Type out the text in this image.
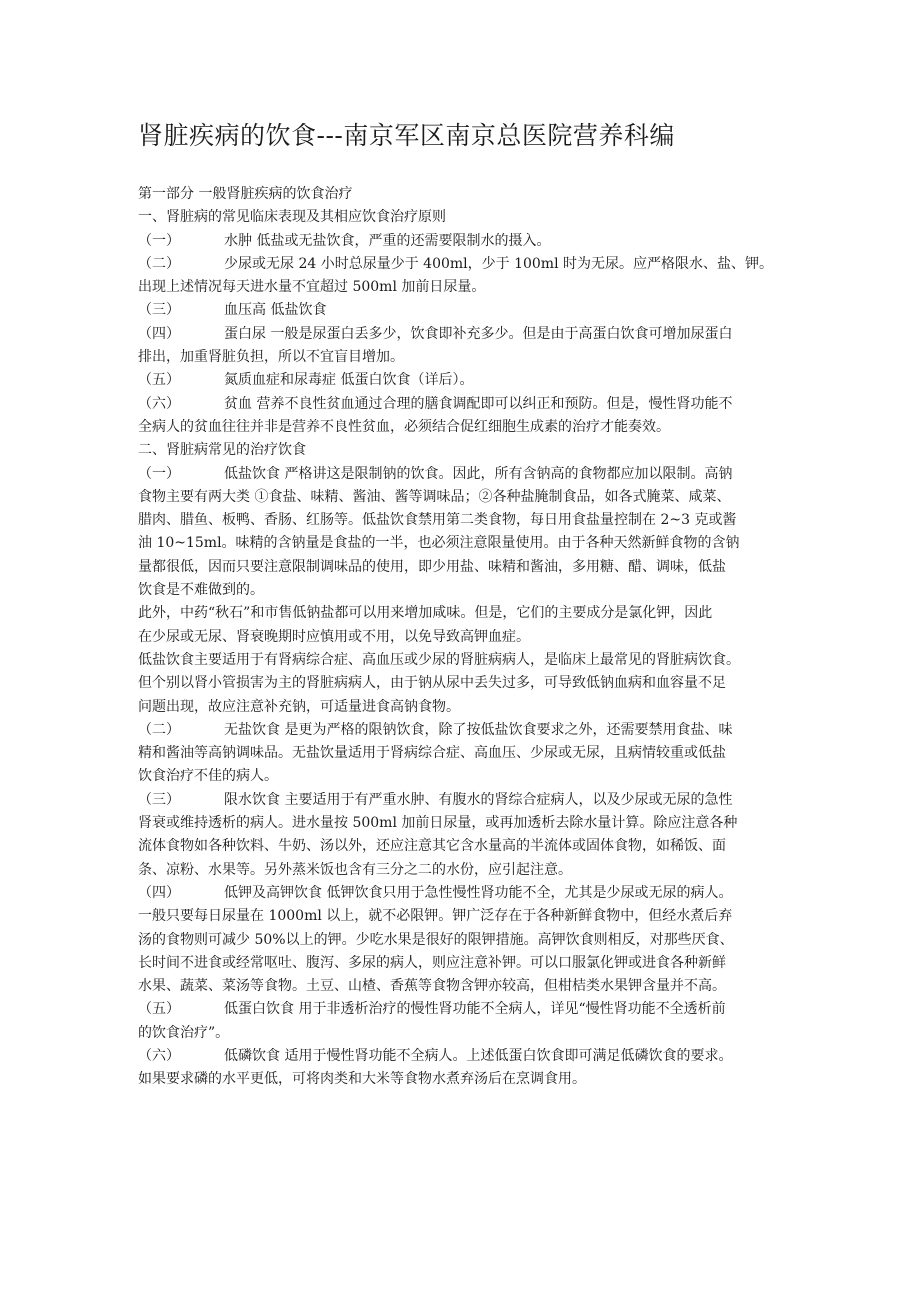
肾脏疾病的饮食---南京军区南京总医院营养科编
第一部分 一般肾脏疾病的饮食治疗
一、肾脏病的常见临床表现及其相应饮食治疗原则
（一）	水肿 低盐或无盐饮食，严重的还需要限制水的摄入。
（二）	少尿或无尿 24 小时总尿量少于 400ml，少于 100ml 时为无尿。应严格限水、盐、钾。
出现上述情况每天进水量不宜超过 500ml 加前日尿量。
（三）	血压高 低盐饮食
（四）	蛋白尿 一般是尿蛋白丢多少，饮食即补充多少。但是由于高蛋白饮食可增加尿蛋白
排出，加重肾脏负担，所以不宜盲目增加。
（五）	氮质血症和尿毒症 低蛋白饮食（详后）。
（六）	贫血 营养不良性贫血通过合理的膳食调配即可以纠正和预防。但是，慢性肾功能不
全病人的贫血往往并非是营养不良性贫血，必须结合促红细胞生成素的治疗才能奏效。
二、肾脏病常见的治疗饮食
（一）	低盐饮食 严格讲这是限制钠的饮食。因此，所有含钠高的食物都应加以限制。高钠
食物主要有两大类 ①食盐、味精、酱油、酱等调味品；②各种盐腌制食品，如各式腌菜、咸菜、
腊肉、腊鱼、板鸭、香肠、红肠等。低盐饮食禁用第二类食物，每日用食盐量控制在 2~3 克或酱
油 10~15ml。味精的含钠量是食盐的一半，也必须注意限量使用。由于各种天然新鲜食物的含钠
量都很低，因而只要注意限制调味品的使用，即少用盐、味精和酱油，多用糖、醋、调味，低盐
饮食是不难做到的。
此外，中药“秋石”和市售低钠盐都可以用来增加咸味。但是，它们的主要成分是氯化钾，因此
在少尿或无尿、肾衰晚期时应慎用或不用，以免导致高钾血症。
低盐饮食主要适用于有肾病综合症、高血压或少尿的肾脏病病人，是临床上最常见的肾脏病饮食。
但个别以肾小管损害为主的肾脏病病人，由于钠从尿中丢失过多，可导致低钠血病和血容量不足
问题出现，故应注意补充钠，可适量进食高钠食物。
（二）	无盐饮食 是更为严格的限钠饮食，除了按低盐饮食要求之外，还需要禁用食盐、味
精和酱油等高钠调味品。无盐饮量适用于肾病综合症、高血压、少尿或无尿，且病情较重或低盐
饮食治疗不佳的病人。
（三）	限水饮食 主要适用于有严重水肿、有腹水的肾综合症病人，以及少尿或无尿的急性
肾衰或维持透析的病人。进水量按 500ml 加前日尿量，或再加透析去除水量计算。除应注意各种
流体食物如各种饮料、牛奶、汤以外，还应注意其它含水量高的半流体或固体食物，如稀饭、面
条、凉粉、水果等。另外蒸米饭也含有三分之二的水份，应引起注意。
（四）	低钾及高钾饮食 低钾饮食只用于急性慢性肾功能不全，尤其是少尿或无尿的病人。
一般只要每日尿量在 1000ml 以上，就不必限钾。钾广泛存在于各种新鲜食物中，但经水煮后弃
汤的食物则可减少 50%以上的钾。少吃水果是很好的限钾措施。高钾饮食则相反，对那些厌食、
长时间不进食或经常呕吐、腹泻、多尿的病人，则应注意补钾。可以口服氯化钾或进食各种新鲜
水果、蔬菜、菜汤等食物。土豆、山楂、香蕉等食物含钾亦较高，但柑桔类水果钾含量并不高。
（五）	低蛋白饮食 用于非透析治疗的慢性肾功能不全病人，详见“慢性肾功能不全透析前
的饮食治疗”。
（六）	低磷饮食 适用于慢性肾功能不全病人。上述低蛋白饮食即可满足低磷饮食的要求。
如果要求磷的水平更低，可将肉类和大米等食物水煮弃汤后在烹调食用。
